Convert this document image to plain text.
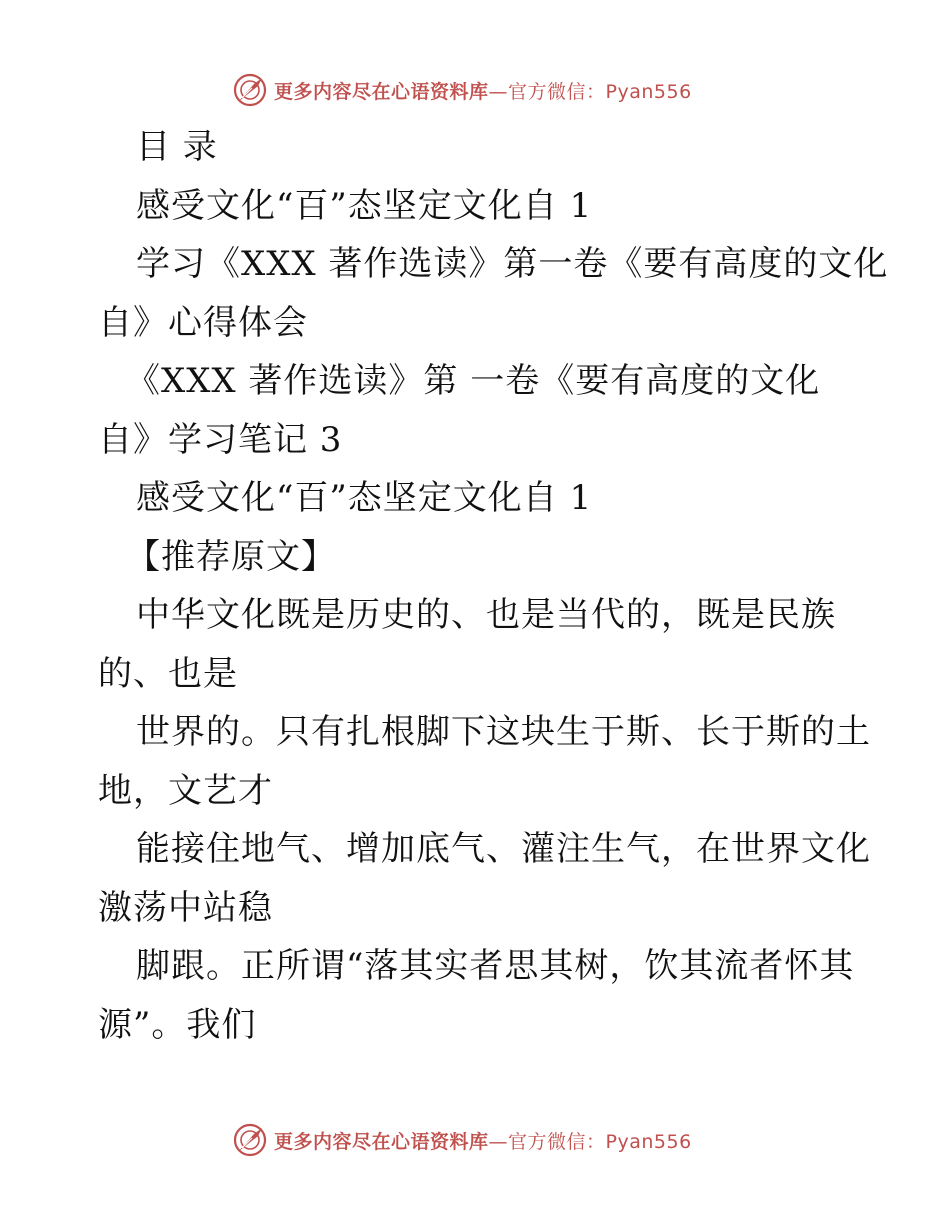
更多内容尽在心语资料库—官方微信：Pyan556
目 录
感受文化“百”态坚定文化自 1
学习《XXX 著作选读》第一卷《要有高度的文化
自》心得体会
《XXX 著作选读》第 一卷《要有高度的文化
自》学习笔记 3
感受文化“百”态坚定文化自 1
【推荐原文】
中华文化既是历史的、也是当代的，既是民族
的、也是
世界的。只有扎根脚下这块生于斯、长于斯的土
地，文艺才
能接住地气、增加底气、灌注生气，在世界文化
激荡中站稳
脚跟。正所谓“落其实者思其树，饮其流者怀其
源”。我们
更多内容尽在心语资料库—官方微信：Pyan556
